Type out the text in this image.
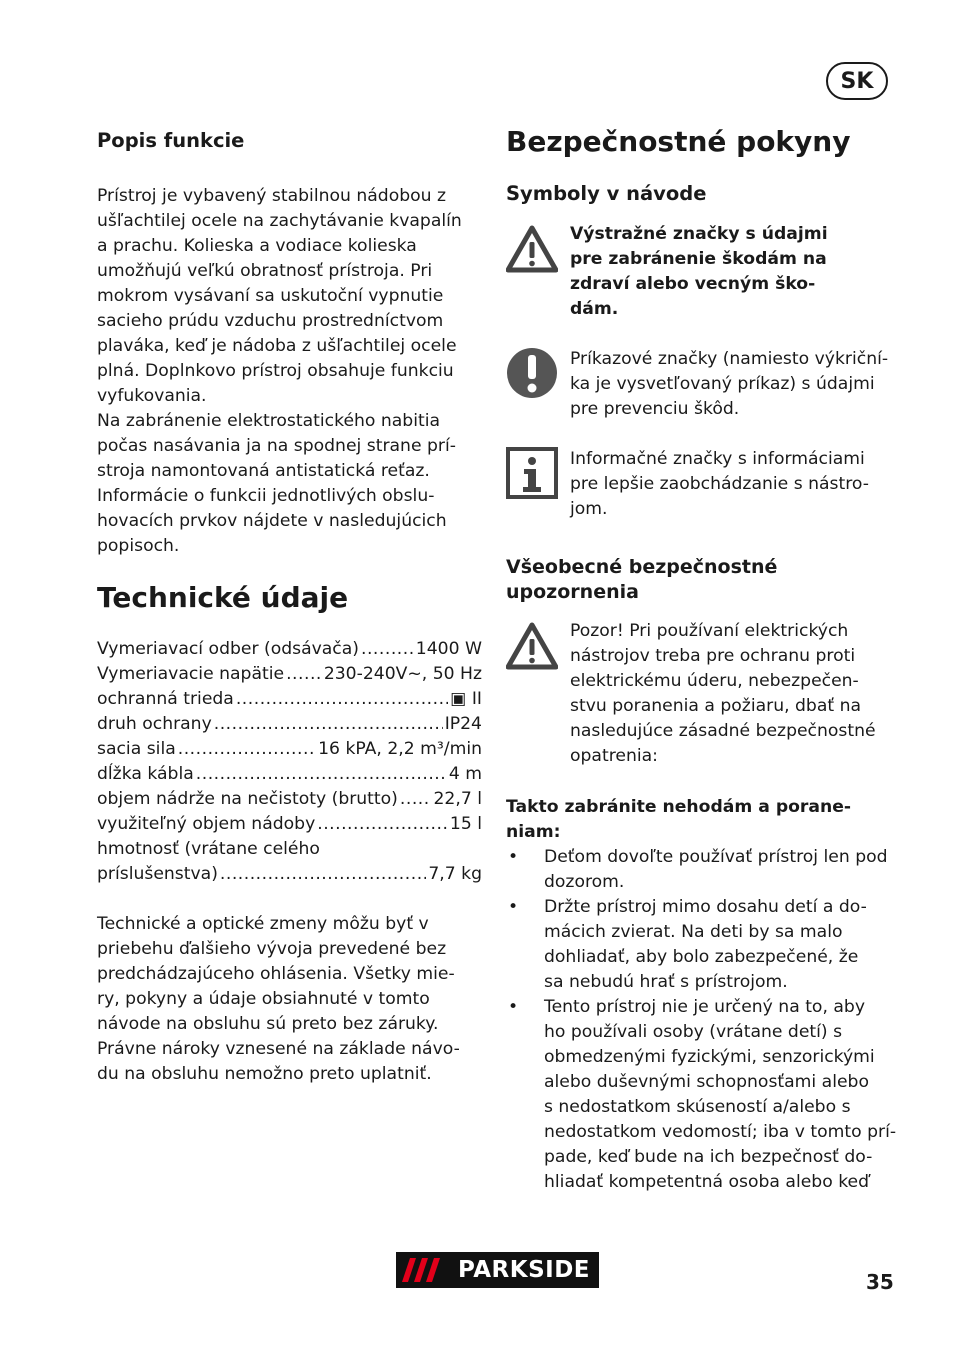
SK
Popis funkcie
Prístroj je vybavený stabilnou nádobou z
ušľachtilej ocele na zachytávanie kvapalín
a prachu. Kolieska a vodiace kolieska
umožňujú veľkú obratnosť prístroja. Pri
mokrom vysávaní sa uskutoční vypnutie
sacieho prúdu vzduchu prostredníctvom
plaváka, keď je nádoba z ušľachtilej ocele
plná. Doplnkovo prístroj obsahuje funkciu
vyfukovania.
Na zabránenie elektrostatického nabitia
počas nasávania ja na spodnej strane prí-
stroja namontovaná antistatická reťaz.
Informácie o funkcii jednotlivých obslu-
hovacích prvkov nájdete v nasledujúcich
popisoch.
Technické údaje
Vymeriavací odber (odsávača) .....	1400 W
Vymeriavacie napätie ..... 230-240V~, 50 Hz
ochranná trieda .....	▣ II
druh ochrany .....	IP24
sacia sila .....	16 kPA, 2,2 m³/min
dĺžka kábla .....	4 m
objem nádrže na nečistoty (brutto) ..... 22,7 l
využiteľný objem nádoby .....	15 l
hmotnosť (vrátane celého
príslušenstva) .....	7,7 kg
Technické a optické zmeny môžu byť v
priebehu ďalšieho vývoja prevedené bez
predchádzajúceho ohlásenia. Všetky mie-
ry, pokyny a údaje obsiahnuté v tomto
návode na obsluhu sú preto bez záruky.
Právne nároky vznesené na základe návo-
du na obsluhu nemožno preto uplatniť.
Bezpečnostné pokyny
Symboly v návode
Výstražné značky s údajmi
pre zabránenie škodám na
zdraví alebo vecným ško-
dám.
Príkazové značky (namiesto výkriční-
ka je vysvetľovaný príkaz) s údajmi
pre prevenciu škôd.
Informačné značky s informáciami
pre lepšie zaobchádzanie s nástro-
jom.
Všeobecné bezpečnostné
upozornenia
Pozor! Pri používaní elektrických
nástrojov treba pre ochranu proti
elektrickému úderu, nebezpečen-
stvu poranenia a požiaru, dbať na
nasledujúce zásadné bezpečnostné
opatrenia:
Takto zabránite nehodám a porane-
niam:
•	Deťom dovoľte používať prístroj len pod
dozorom.
•	Držte prístroj mimo dosahu detí a do-
mácich zvierat. Na deti by sa malo
dohliadať, aby bolo zabezpečené, že
sa nebudú hrať s prístrojom.
•	Tento prístroj nie je určený na to, aby
ho používali osoby (vrátane detí) s
obmedzenými fyzickými, senzorickými
alebo duševnými schopnosťami alebo
s nedostatkom skúseností a/alebo s
nedostatkom vedomostí; iba v tomto prí-
pade, keď bude na ich bezpečnosť do-
hliadať kompetentná osoba alebo keď
PARKSIDE	35
